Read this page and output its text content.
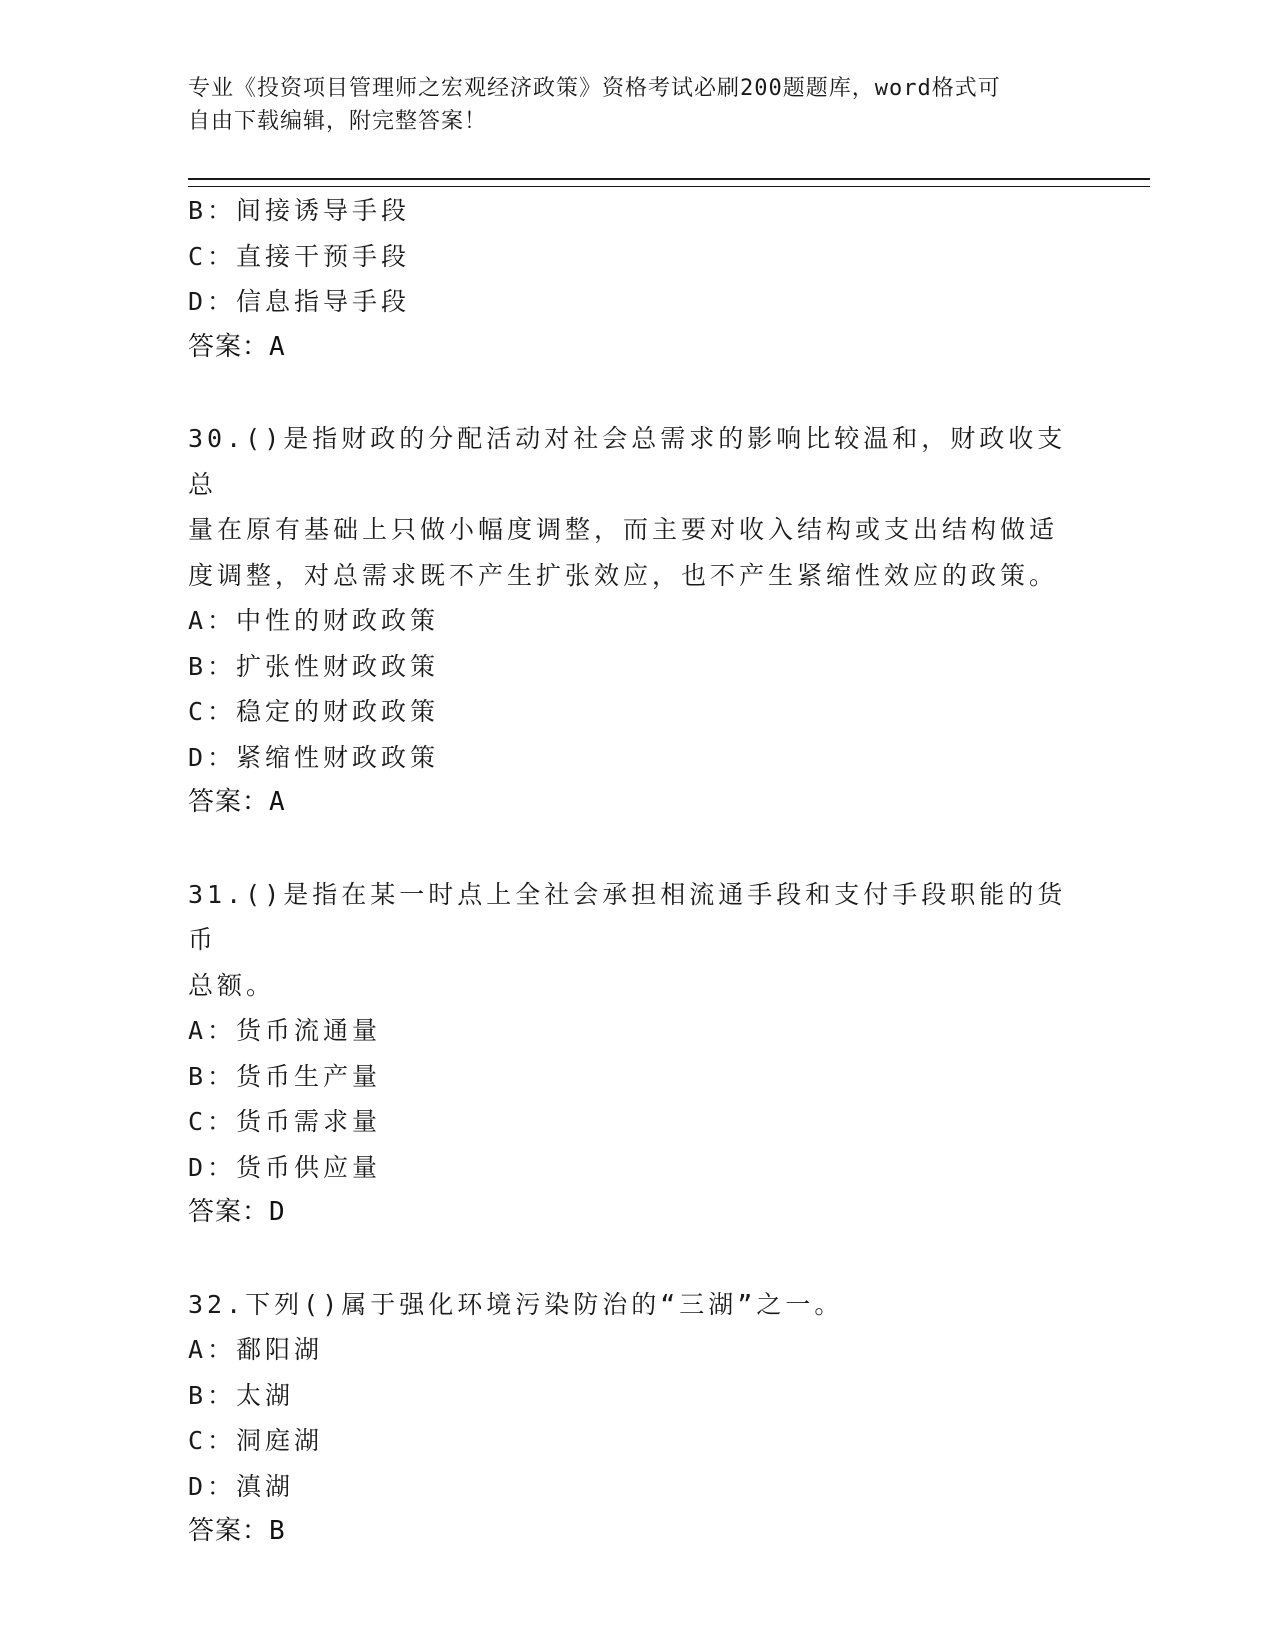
专业《投资项目管理师之宏观经济政策》资格考试必刷200题题库，word格式可
自由下载编辑，附完整答案！
B：间接诱导手段
C：直接干预手段
D：信息指导手段
答案：A
30.()是指财政的分配活动对社会总需求的影响比较温和，财政收支总
量在原有基础上只做小幅度调整，而主要对收入结构或支出结构做适
度调整，对总需求既不产生扩张效应，也不产生紧缩性效应的政策。
A：中性的财政政策
B：扩张性财政政策
C：稳定的财政政策
D：紧缩性财政政策
答案：A
31.()是指在某一时点上全社会承担相流通手段和支付手段职能的货币
总额。
A：货币流通量
B：货币生产量
C：货币需求量
D：货币供应量
答案：D
32.下列()属于强化环境污染防治的“三湖”之一。
A：鄱阳湖
B：太湖
C：洞庭湖
D：滇湖
答案：B
